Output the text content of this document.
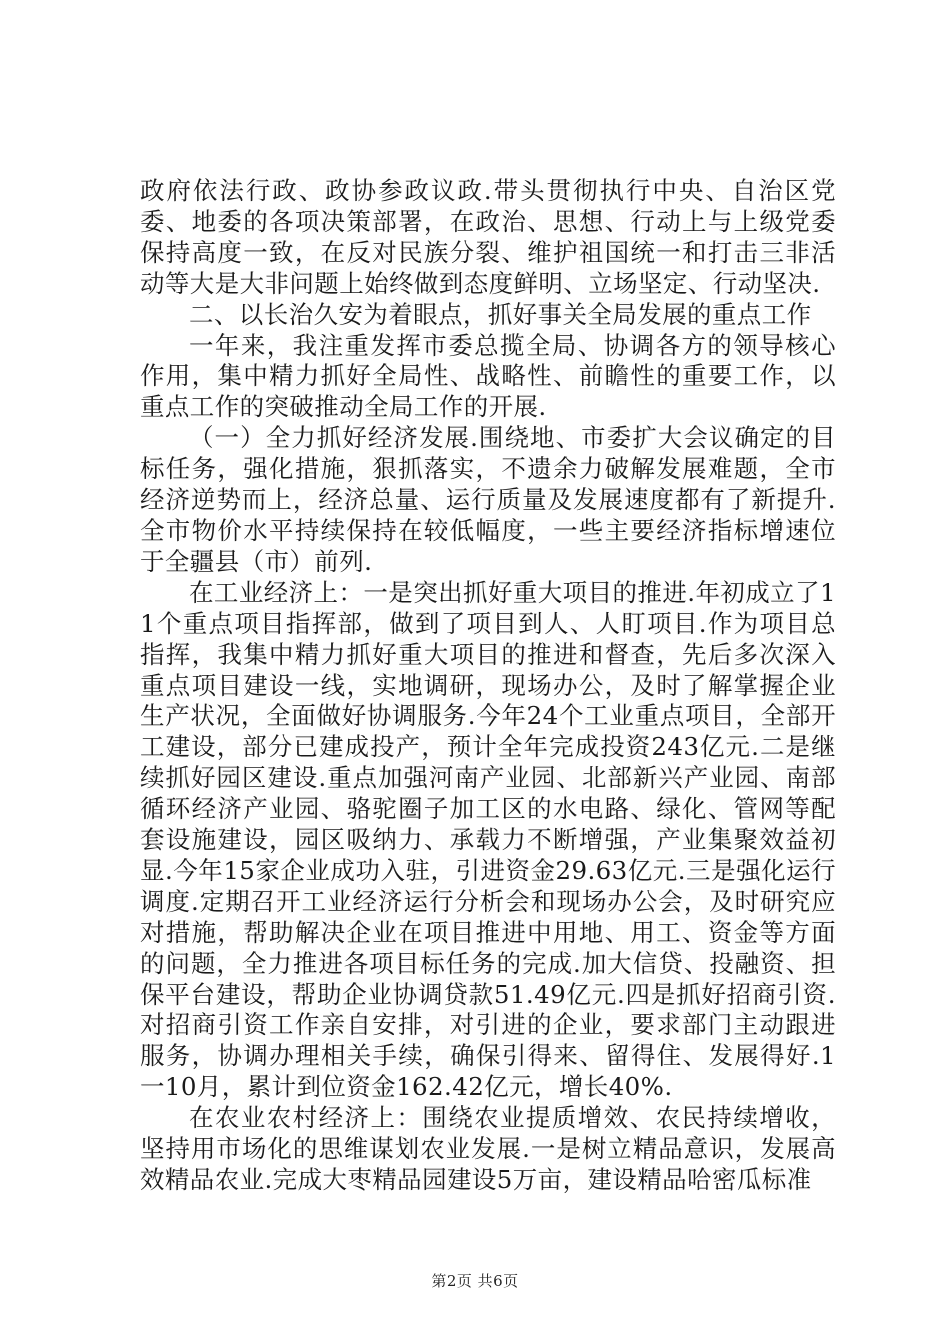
政府依法行政、政协参政议政.带头贯彻执行中央、自治区党委、地委的各项决策部署，在政治、思想、行动上与上级党委保持高度一致，在反对民族分裂、维护祖国统一和打击三非活动等大是大非问题上始终做到态度鲜明、立场坚定、行动坚决.

二、以长治久安为着眼点，抓好事关全局发展的重点工作

一年来，我注重发挥市委总揽全局、协调各方的领导核心作用，集中精力抓好全局性、战略性、前瞻性的重要工作，以重点工作的突破推动全局工作的开展.

（一）全力抓好经济发展.围绕地、市委扩大会议确定的目标任务，强化措施，狠抓落实，不遗余力破解发展难题，全市经济逆势而上，经济总量、运行质量及发展速度都有了新提升.全市物价水平持续保持在较低幅度，一些主要经济指标增速位于全疆县（市）前列.

在工业经济上：一是突出抓好重大项目的推进.年初成立了11个重点项目指挥部，做到了项目到人、人盯项目.作为项目总指挥，我集中精力抓好重大项目的推进和督查，先后多次深入重点项目建设一线，实地调研，现场办公，及时了解掌握企业生产状况，全面做好协调服务.今年24个工业重点项目，全部开工建设，部分已建成投产，预计全年完成投资243亿元.二是继续抓好园区建设.重点加强河南产业园、北部新兴产业园、南部循环经济产业园、骆驼圈子加工区的水电路、绿化、管网等配套设施建设，园区吸纳力、承载力不断增强，产业集聚效益初显.今年15家企业成功入驻，引进资金29.63亿元.三是强化运行调度.定期召开工业经济运行分析会和现场办公会，及时研究应对措施，帮助解决企业在项目推进中用地、用工、资金等方面的问题，全力推进各项目标任务的完成.加大信贷、投融资、担保平台建设，帮助企业协调贷款51.49亿元.四是抓好招商引资.对招商引资工作亲自安排，对引进的企业，要求部门主动跟进服务，协调办理相关手续，确保引得来、留得住、发展得好.1一10月，累计到位资金162.42亿元，增长40%.

在农业农村经济上：围绕农业提质增效、农民持续增收，坚持用市场化的思维谋划农业发展.一是树立精品意识，发展高效精品农业.完成大枣精品园建设5万亩，建设精品哈密瓜标准

第2页 共6页
